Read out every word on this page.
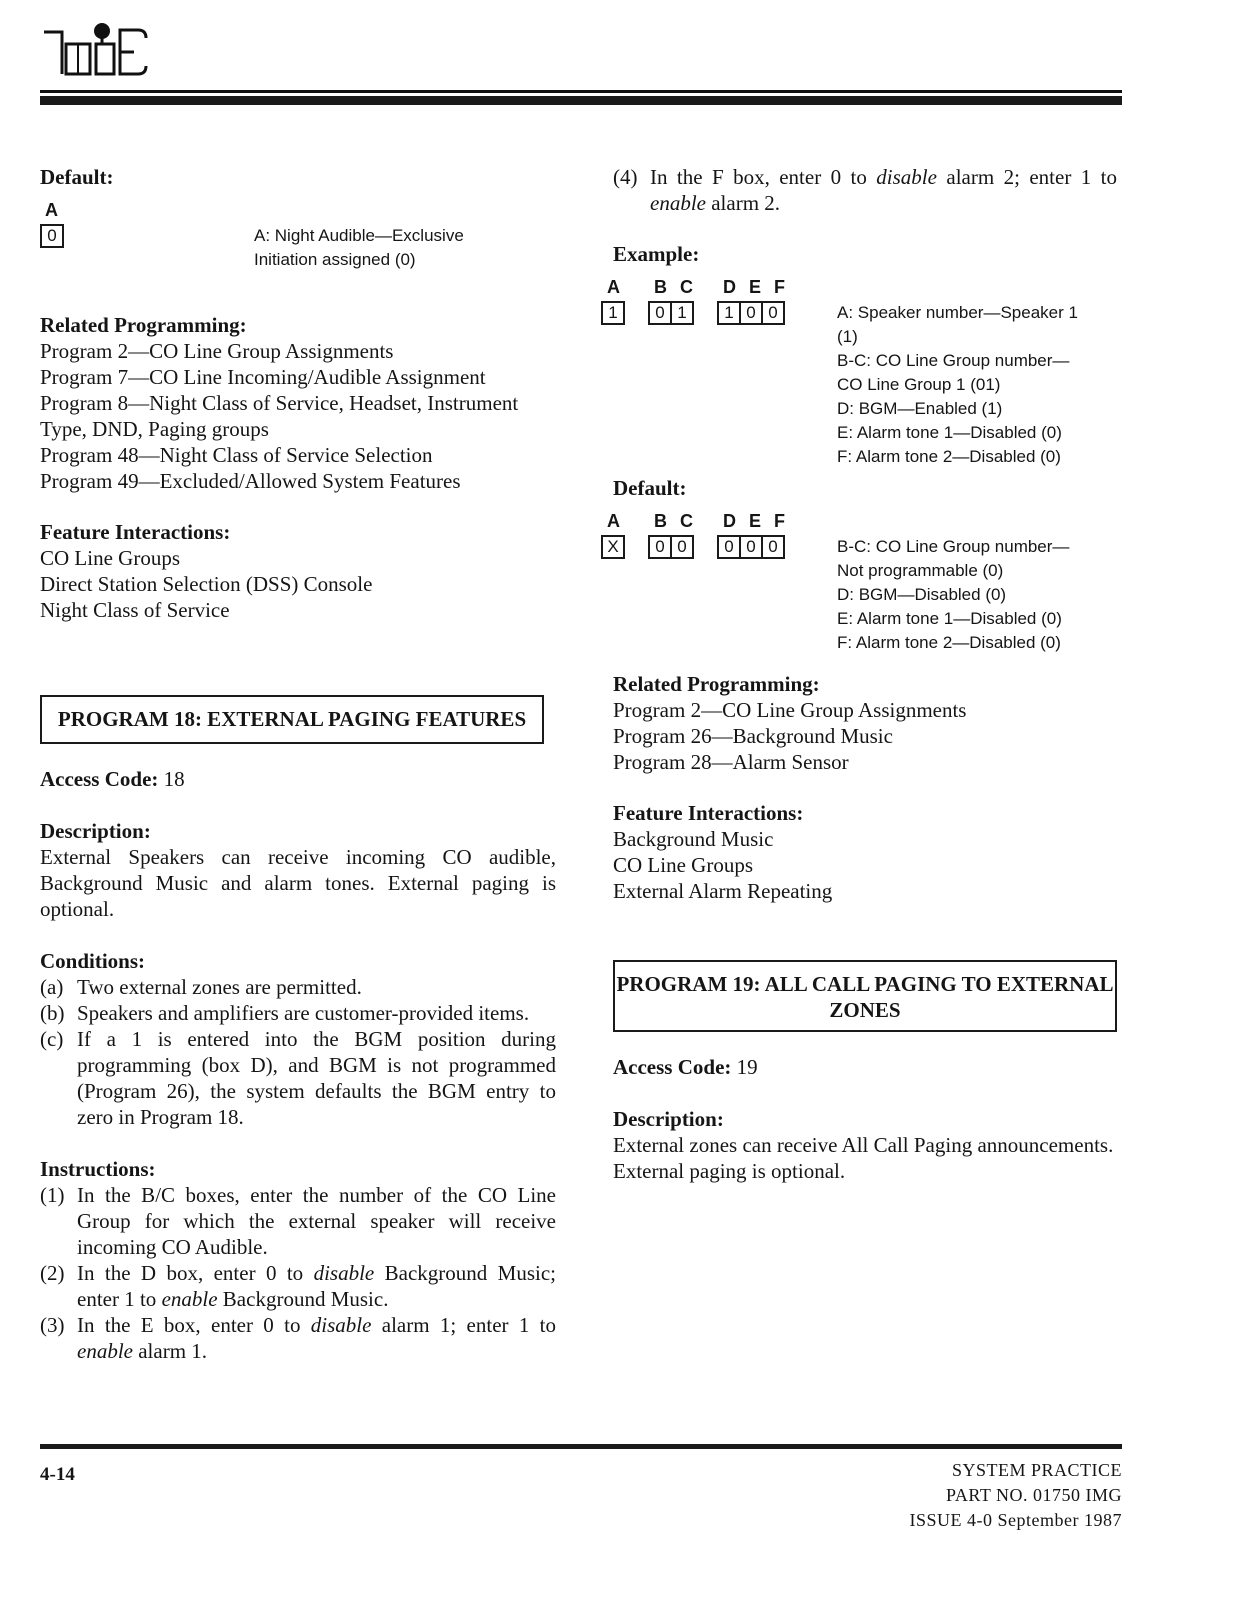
Default:
A
0	A: Night Audible—Exclusive
Initiation assigned (0)
Related Programming:
Program 2—CO Line Group Assignments
Program 7—CO Line Incoming/Audible Assignment
Program 8—Night Class of Service, Headset, Instrument
Type, DND, Paging groups
Program 48—Night Class of Service Selection
Program 49—Excluded/Allowed System Features
Feature Interactions:
CO Line Groups
Direct Station Selection (DSS) Console
Night Class of Service
PROGRAM 18: EXTERNAL PAGING FEATURES
Access Code: 18
Description:
External Speakers can receive incoming CO audible, Background Music and alarm tones. External paging is optional.
Conditions:
(a) Two external zones are permitted.
(b) Speakers and amplifiers are customer-provided items.
(c) If a 1 is entered into the BGM position during programming (box D), and BGM is not programmed (Program 26), the system defaults the BGM entry to zero in Program 18.
Instructions:
(1) In the B/C boxes, enter the number of the CO Line Group for which the external speaker will receive incoming CO Audible.
(2) In the D box, enter 0 to disable Background Music; enter 1 to enable Background Music.
(3) In the E box, enter 0 to disable alarm 1; enter 1 to enable alarm 1.
(4) In the F box, enter 0 to disable alarm 2; enter 1 to enable alarm 2.
Example:
A B C D E F
1	0 1	1 0 0	A: Speaker number—Speaker 1
(1)
B-C: CO Line Group number—
CO Line Group 1 (01)
D: BGM—Enabled (1)
E: Alarm tone 1—Disabled (0)
F: Alarm tone 2—Disabled (0)
Default:
A B C D E F
X	0 0	0 0 0	B-C: CO Line Group number—
Not programmable (0)
D: BGM—Disabled (0)
E: Alarm tone 1—Disabled (0)
F: Alarm tone 2—Disabled (0)
Related Programming:
Program 2—CO Line Group Assignments
Program 26—Background Music
Program 28—Alarm Sensor
Feature Interactions:
Background Music
CO Line Groups
External Alarm Repeating
PROGRAM 19: ALL CALL PAGING TO EXTERNAL
ZONES
Access Code: 19
Description:
External zones can receive All Call Paging announcements. External paging is optional.
4-14	SYSTEM PRACTICE
PART NO. 01750 IMG
ISSUE 4-0 September 1987
